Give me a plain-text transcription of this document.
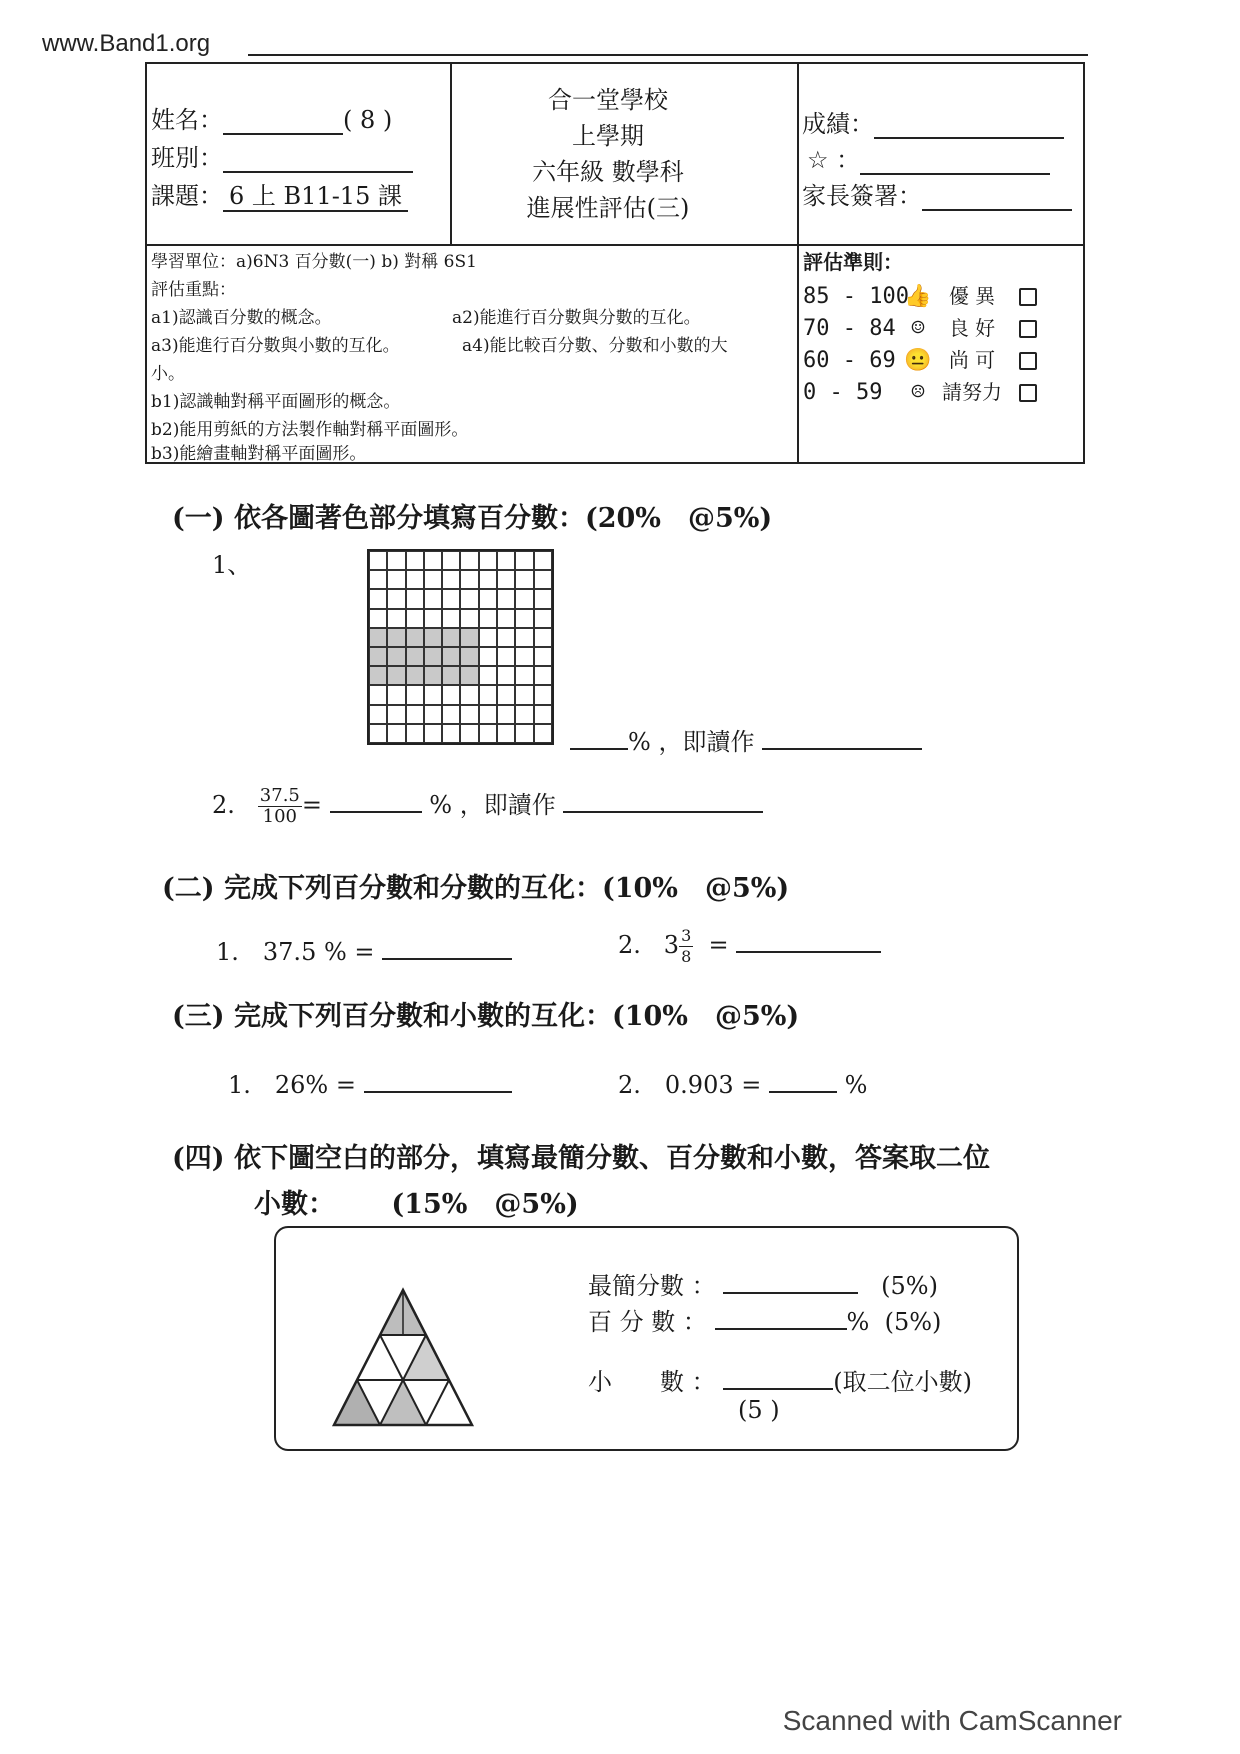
www.Band1.org
姓名：	( 8 )
班別：
課題： 6 上 B11-15 課
合一堂學校
上學期
六年級 數學科
進展性評估(三)
成績：
☆ ：
家長簽署：
學習單位：a)6N3 百分數(一) b) 對稱 6S1
評估重點：
a1)認識百分數的概念。	a2)能進行百分數與分數的互化。
a3)能進行百分數與小數的互化。	a4)能比較百分數、分數和小數的大
小。
b1)認識軸對稱平面圖形的概念。
b2)能用剪紙的方法製作軸對稱平面圖形。
b3)能繪畫軸對稱平面圖形。
評估準則：
85 - 100👍 優 異
70 - 84 ☺ 良 好
60 - 69 😐 尚 可
0 - 59 ☹ 請努力
(一) 依各圖著色部分填寫百分數：(20%　@5%)
1、
% ，即讀作
2. $\frac{37.5}{100}$ =	% ，即讀作
(二) 完成下列百分數和分數的互化：(10%　@5%)
1.　37.5 % =	2. $3 \frac{3}{8}$ =
(三) 完成下列百分數和小數的互化：(10%　@5%)
1.　26% =	2.　0.903 =	%
(四) 依下圖空白的部分，填寫最簡分數、百分數和小數，答案取二位
小數： (15%　@5%)
最簡分數 ：	(5%)
百 分 數 ：	% (5%)
小　　數 ：	(取二位小數)
(5 )
Scanned with CamScanner
